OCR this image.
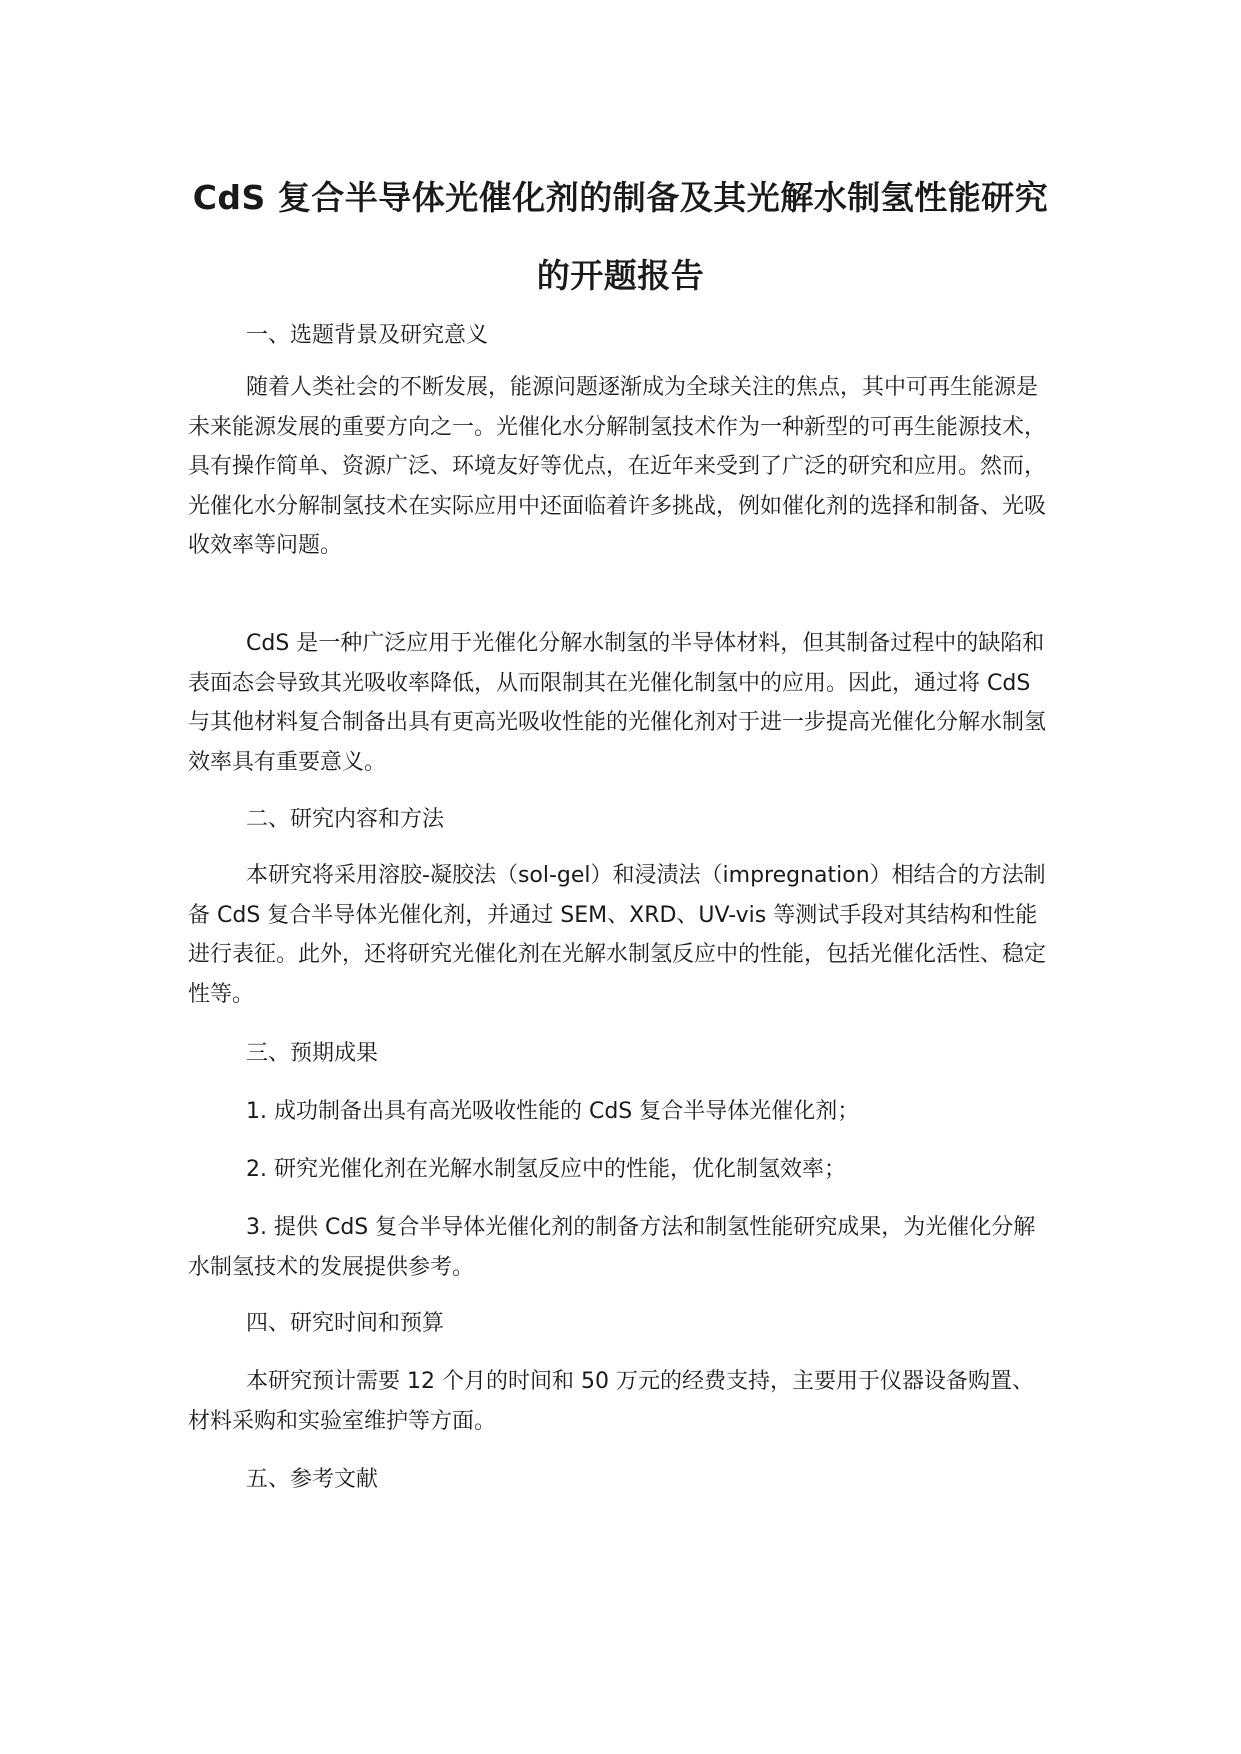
CdS 复合半导体光催化剂的制备及其光解水制氢性能研究
的开题报告

一、选题背景及研究意义

随着人类社会的不断发展，能源问题逐渐成为全球关注的焦点，其中可再生能源是未来能源发展的重要方向之一。光催化水分解制氢技术作为一种新型的可再生能源技术，具有操作简单、资源广泛、环境友好等优点，在近年来受到了广泛的研究和应用。然而，光催化水分解制氢技术在实际应用中还面临着许多挑战，例如催化剂的选择和制备、光吸收效率等问题。

CdS 是一种广泛应用于光催化分解水制氢的半导体材料，但其制备过程中的缺陷和表面态会导致其光吸收率降低，从而限制其在光催化制氢中的应用。因此，通过将 CdS 与其他材料复合制备出具有更高光吸收性能的光催化剂对于进一步提高光催化分解水制氢效率具有重要意义。

二、研究内容和方法

本研究将采用溶胶-凝胶法（sol-gel）和浸渍法（impregnation）相结合的方法制备 CdS 复合半导体光催化剂，并通过 SEM、XRD、UV-vis 等测试手段对其结构和性能进行表征。此外，还将研究光催化剂在光解水制氢反应中的性能，包括光催化活性、稳定性等。

三、预期成果

1. 成功制备出具有高光吸收性能的 CdS 复合半导体光催化剂；

2. 研究光催化剂在光解水制氢反应中的性能，优化制氢效率；

3. 提供 CdS 复合半导体光催化剂的制备方法和制氢性能研究成果，为光催化分解水制氢技术的发展提供参考。

四、研究时间和预算

本研究预计需要 12 个月的时间和 50 万元的经费支持，主要用于仪器设备购置、材料采购和实验室维护等方面。

五、参考文献
